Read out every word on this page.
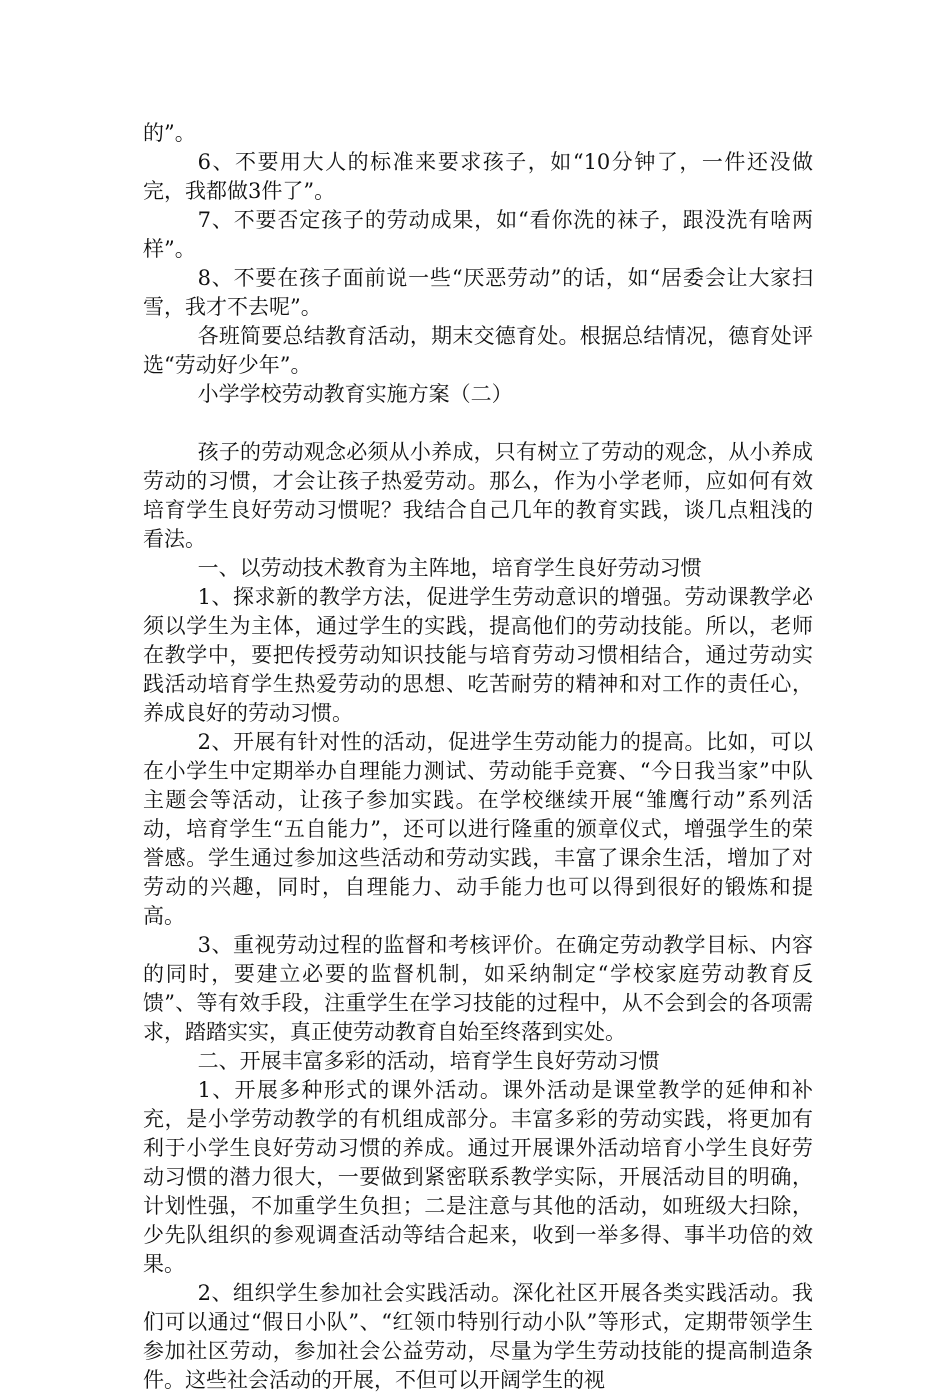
的”。

6、不要用大人的标准来要求孩子，如“10分钟了，一件还没做完，我都做3件了”。

7、不要否定孩子的劳动成果，如“看你洗的袜子，跟没洗有啥两样”。

8、不要在孩子面前说一些“厌恶劳动”的话，如“居委会让大家扫雪，我才不去呢”。

各班简要总结教育活动，期末交德育处。根据总结情况，德育处评选“劳动好少年”。

小学学校劳动教育实施方案（二）

孩子的劳动观念必须从小养成，只有树立了劳动的观念，从小养成劳动的习惯，才会让孩子热爱劳动。那么，作为小学老师，应如何有效培育学生良好劳动习惯呢？我结合自己几年的教育实践，谈几点粗浅的看法。

一、以劳动技术教育为主阵地，培育学生良好劳动习惯

1、探求新的教学方法，促进学生劳动意识的增强。劳动课教学必须以学生为主体，通过学生的实践，提高他们的劳动技能。所以，老师在教学中，要把传授劳动知识技能与培育劳动习惯相结合，通过劳动实践活动培育学生热爱劳动的思想、吃苦耐劳的精神和对工作的责任心，养成良好的劳动习惯。

2、开展有针对性的活动，促进学生劳动能力的提高。比如，可以在小学生中定期举办自理能力测试、劳动能手竞赛、“今日我当家”中队主题会等活动，让孩子参加实践。在学校继续开展“雏鹰行动”系列活动，培育学生“五自能力”，还可以进行隆重的颁章仪式，增强学生的荣誉感。学生通过参加这些活动和劳动实践，丰富了课余生活，增加了对劳动的兴趣，同时，自理能力、动手能力也可以得到很好的锻炼和提高。

3、重视劳动过程的监督和考核评价。在确定劳动教学目标、内容的同时，要建立必要的监督机制，如采纳制定“学校家庭劳动教育反馈”、等有效手段，注重学生在学习技能的过程中，从不会到会的各项需求，踏踏实实，真正使劳动教育自始至终落到实处。

二、开展丰富多彩的活动，培育学生良好劳动习惯

1、开展多种形式的课外活动。课外活动是课堂教学的延伸和补充，是小学劳动教学的有机组成部分。丰富多彩的劳动实践，将更加有利于小学生良好劳动习惯的养成。通过开展课外活动培育小学生良好劳动习惯的潜力很大，一要做到紧密联系教学实际，开展活动目的明确，计划性强，不加重学生负担；二是注意与其他的活动，如班级大扫除，少先队组织的参观调查活动等结合起来，收到一举多得、事半功倍的效果。

2、组织学生参加社会实践活动。深化社区开展各类实践活动。我们可以通过“假日小队”、“红领巾特别行动小队”等形式，定期带领学生参加社区劳动，参加社会公益劳动，尽量为学生劳动技能的提高制造条件。这些社会活动的开展，不但可以开阔学生的视
